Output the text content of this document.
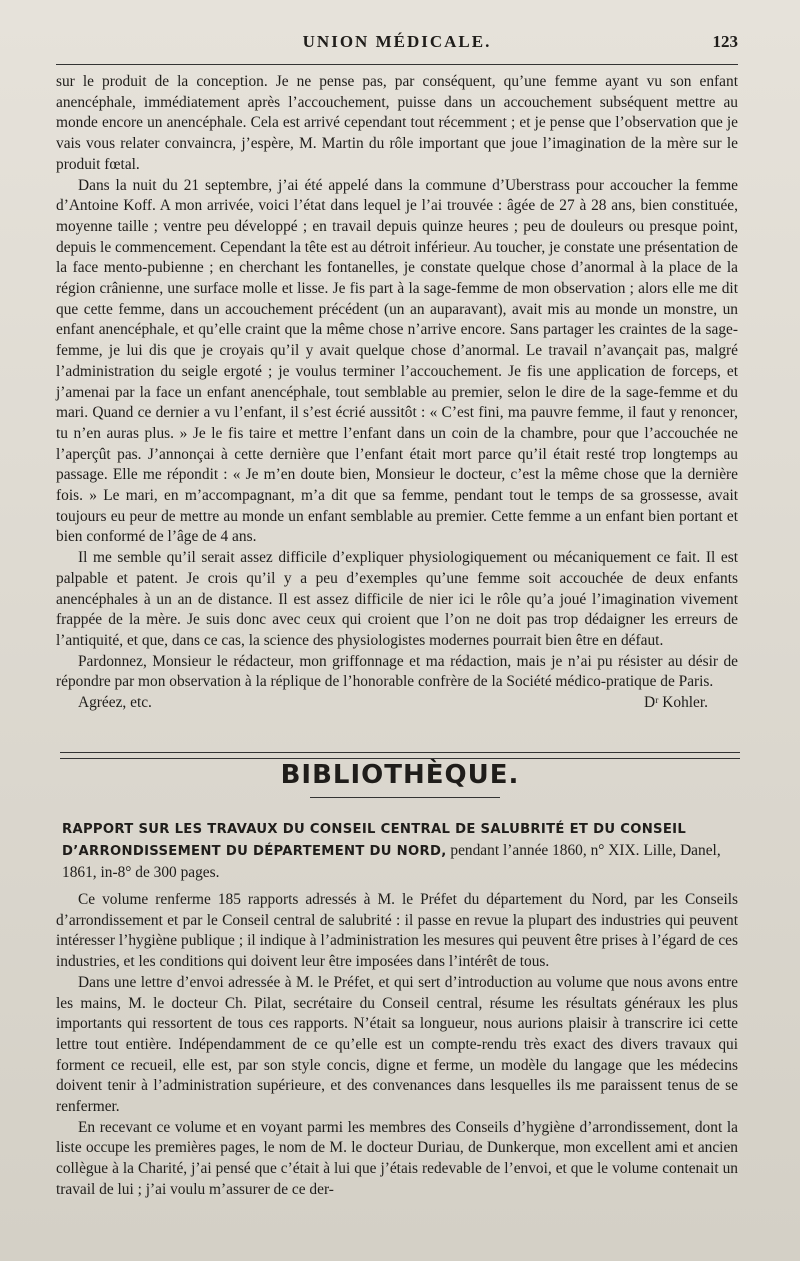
UNION MÉDICALE.	123

sur le produit de la conception. Je ne pense pas, par conséquent, qu’une femme ayant vu son enfant anencéphale, immédiatement après l’accouchement, puisse dans un accouchement subséquent mettre au monde encore un anencéphale. Cela est arrivé cependant tout récemment ; et je pense que l’observation que je vais vous relater convaincra, j’espère, M. Martin du rôle important que joue l’imagination de la mère sur le produit fœtal.

Dans la nuit du 21 septembre, j’ai été appelé dans la commune d’Uberstrass pour accoucher la femme d’Antoine Koff. A mon arrivée, voici l’état dans lequel je l’ai trouvée : âgée de 27 à 28 ans, bien constituée, moyenne taille ; ventre peu développé ; en travail depuis quinze heures ; peu de douleurs ou presque point, depuis le commencement. Cependant la tête est au détroit inférieur. Au toucher, je constate une présentation de la face mento-pubienne ; en cherchant les fontanelles, je constate quelque chose d’anormal à la place de la région crânienne, une surface molle et lisse. Je fis part à la sage-femme de mon observation ; alors elle me dit que cette femme, dans un accouchement précédent (un an auparavant), avait mis au monde un monstre, un enfant anencéphale, et qu’elle craint que la même chose n’arrive encore. Sans partager les craintes de la sage-femme, je lui dis que je croyais qu’il y avait quelque chose d’anormal. Le travail n’avançait pas, malgré l’administration du seigle ergoté ; je voulus terminer l’accouchement. Je fis une application de forceps, et j’amenai par la face un enfant anencéphale, tout semblable au premier, selon le dire de la sage-femme et du mari. Quand ce dernier a vu l’enfant, il s’est écrié aussitôt : « C’est fini, ma pauvre femme, il faut y renoncer, tu n’en auras plus. » Je le fis taire et mettre l’enfant dans un coin de la chambre, pour que l’accouchée ne l’aperçût pas. J’annonçai à cette dernière que l’enfant était mort parce qu’il était resté trop longtemps au passage. Elle me répondit : « Je m’en doute bien, Monsieur le docteur, c’est la même chose que la dernière fois. » Le mari, en m’accompagnant, m’a dit que sa femme, pendant tout le temps de sa grossesse, avait toujours eu peur de mettre au monde un enfant semblable au premier. Cette femme a un enfant bien portant et bien conformé de l’âge de 4 ans.

Il me semble qu’il serait assez difficile d’expliquer physiologiquement ou mécaniquement ce fait. Il est palpable et patent. Je crois qu’il y a peu d’exemples qu’une femme soit accouchée de deux enfants anencéphales à un an de distance. Il est assez difficile de nier ici le rôle qu’a joué l’imagination vivement frappée de la mère. Je suis donc avec ceux qui croient que l’on ne doit pas trop dédaigner les erreurs de l’antiquité, et que, dans ce cas, la science des physiologistes modernes pourrait bien être en défaut.

Pardonnez, Monsieur le rédacteur, mon griffonnage et ma rédaction, mais je n’ai pu résister au désir de répondre par mon observation à la réplique de l’honorable confrère de la Société médico-pratique de Paris.

Agréez, etc.	Dʳ Kohler.
BIBLIOTHÈQUE.
RAPPORT SUR LES TRAVAUX DU CONSEIL CENTRAL DE SALUBRITÉ ET DU CONSEIL D’ARRONDISSEMENT DU DÉPARTEMENT DU NORD, pendant l’année 1860, n° XIX. Lille, Danel, 1861, in-8° de 300 pages.

Ce volume renferme 185 rapports adressés à M. le Préfet du département du Nord, par les Conseils d’arrondissement et par le Conseil central de salubrité : il passe en revue la plupart des industries qui peuvent intéresser l’hygiène publique ; il indique à l’administration les mesures qui peuvent être prises à l’égard de ces industries, et les conditions qui doivent leur être imposées dans l’intérêt de tous.

Dans une lettre d’envoi adressée à M. le Préfet, et qui sert d’introduction au volume que nous avons entre les mains, M. le docteur Ch. Pilat, secrétaire du Conseil central, résume les résultats généraux les plus importants qui ressortent de tous ces rapports. N’était sa longueur, nous aurions plaisir à transcrire ici cette lettre tout entière. Indépendamment de ce qu’elle est un compte-rendu très exact des divers travaux qui forment ce recueil, elle est, par son style concis, digne et ferme, un modèle du langage que les médecins doivent tenir à l’administration supérieure, et des convenances dans lesquelles ils me paraissent tenus de se renfermer.

En recevant ce volume et en voyant parmi les membres des Conseils d’hygiène d’arrondissement, dont la liste occupe les premières pages, le nom de M. le docteur Duriau, de Dunkerque, mon excellent ami et ancien collègue à la Charité, j’ai pensé que c’était à lui que j’étais redevable de l’envoi, et que le volume contenait un travail de lui ; j’ai voulu m’assurer de ce der-
